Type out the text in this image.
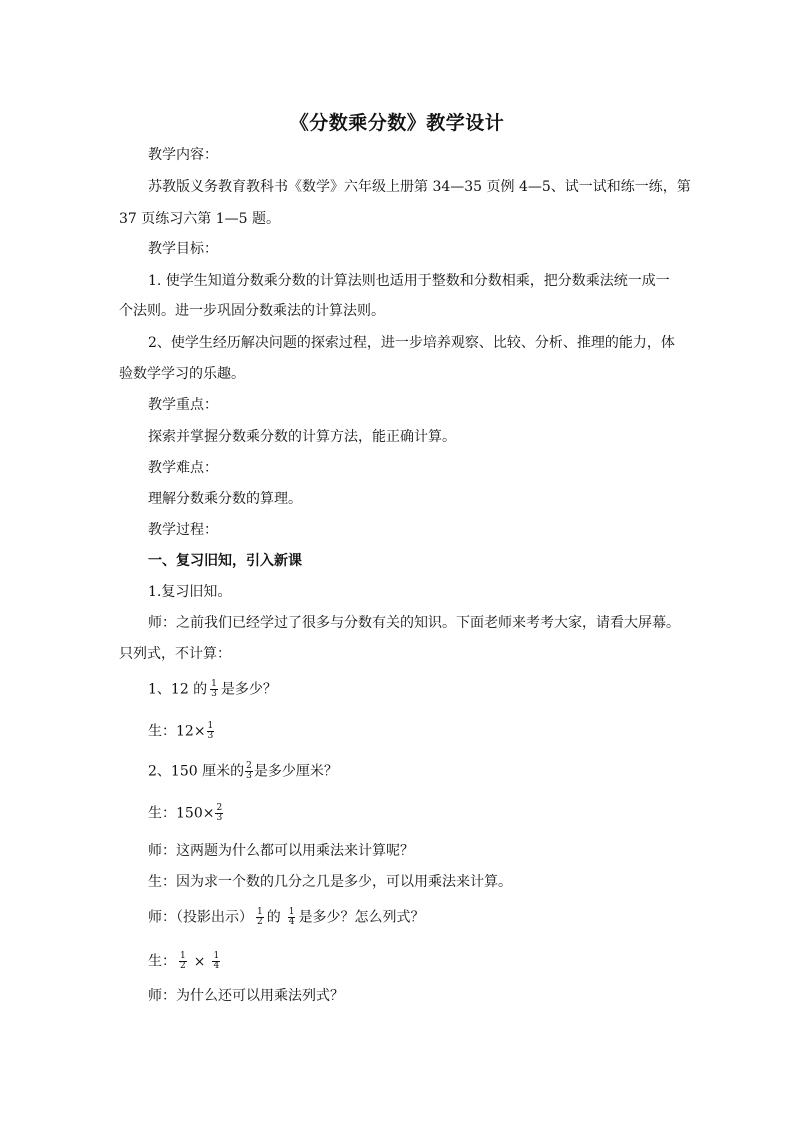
《分数乘分数》教学设计
教学内容：
苏教版义务教育教科书《数学》六年级上册第 34—35 页例 4—5、试一试和练一练，第
37 页练习六第 1—5 题。
教学目标：
1. 使学生知道分数乘分数的计算法则也适用于整数和分数相乘，把分数乘法统一成一
个法则。进一步巩固分数乘法的计算法则。
2、使学生经历解决问题的探索过程，进一步培养观察、比较、分析、推理的能力，体
验数学学习的乐趣。
教学重点：
探索并掌握分数乘分数的计算方法，能正确计算。
教学难点：
理解分数乘分数的算理。
教学过程：
一、复习旧知，引入新课
1.复习旧知。
师：之前我们已经学过了很多与分数有关的知识。下面老师来考考大家，请看大屏幕。
只列式，不计算：
1、12 的 $\frac{1}{3}$ 是多少？
生：$12\times \frac{1}{3}$
2、150 厘米的 $\frac{2}{3}$ 是多少厘米？
生：$150\times \frac{2}{3}$
师：这两题为什么都可以用乘法来计算呢？
生：因为求一个数的几分之几是多少，可以用乘法来计算。
师：（投影出示） $\frac{1}{2}$ 的 $\frac{1}{4}$ 是多少？怎么列式？
生： $\frac{1}{2} \times \frac{1}{4}$
师：为什么还可以用乘法列式？
